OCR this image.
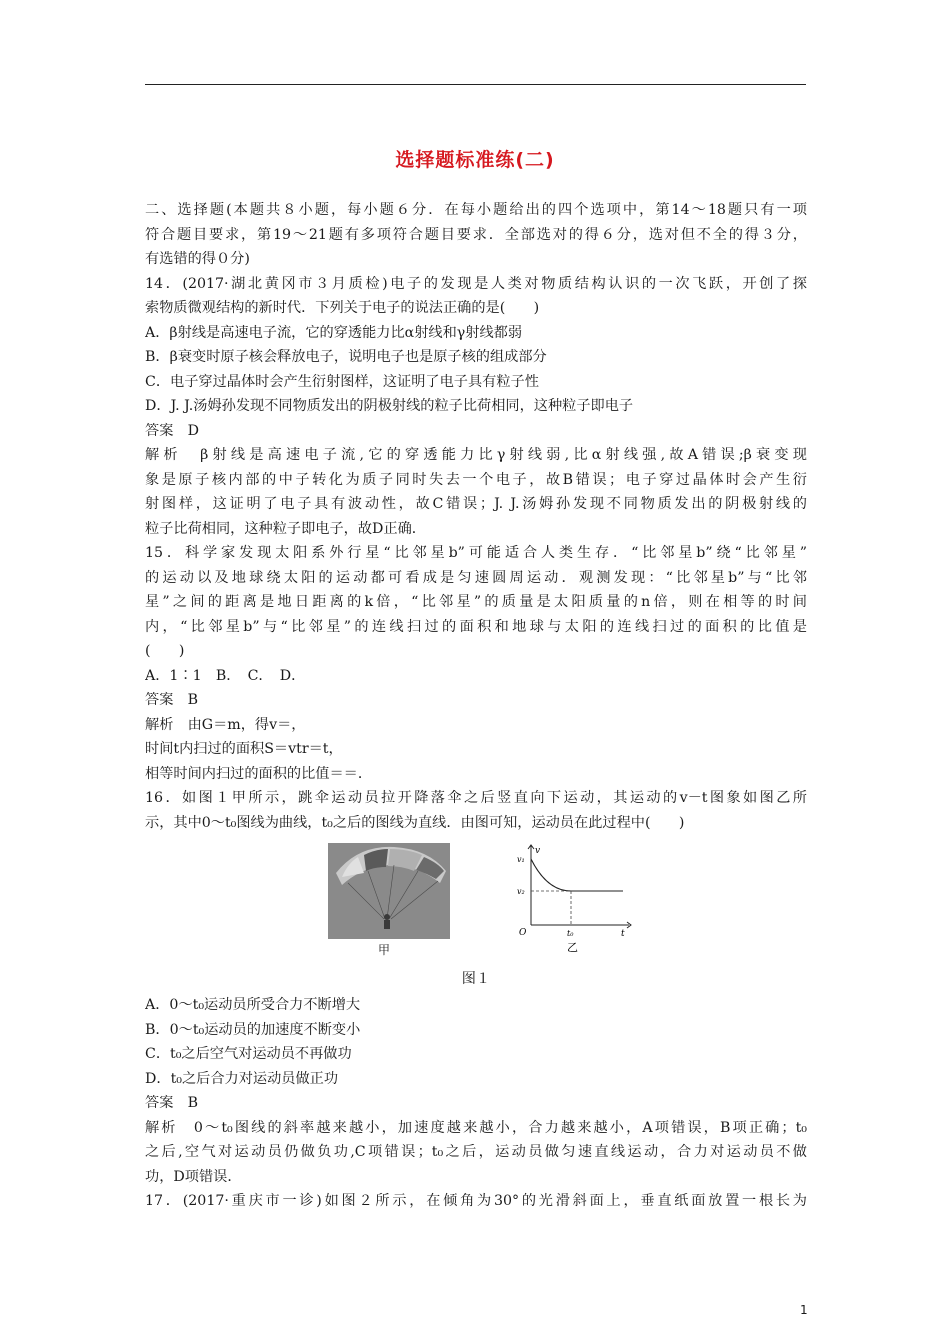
选择题标准练(二)
二、选择题(本题共８小题，每小题６分．在每小题给出的四个选项中，第14～18题只有一项
符合题目要求，第19～21题有多项符合题目要求．全部选对的得６分，选对但不全的得３分，
有选错的得０分)
14．(2017·湖北黄冈市３月质检)电子的发现是人类对物质结构认识的一次飞跃，开创了探
索物质微观结构的新时代．下列关于电子的说法正确的是(　　)
A．β射线是高速电子流，它的穿透能力比α射线和γ射线都弱
B．β衰变时原子核会释放电子，说明电子也是原子核的组成部分
C．电子穿过晶体时会产生衍射图样，这证明了电子具有粒子性
D．J. J.汤姆孙发现不同物质发出的阴极射线的粒子比荷相同，这种粒子即电子
答案　D
解析　β射线是高速电子流,它的穿透能力比γ射线弱,比α射线强,故A错误;β衰变现
象是原子核内部的中子转化为质子同时失去一个电子，故B错误；电子穿过晶体时会产生衍
射图样，这证明了电子具有波动性，故C错误；J. J.汤姆孙发现不同物质发出的阴极射线的
粒子比荷相同，这种粒子即电子，故D正确．
15．科学家发现太阳系外行星“比邻星b”可能适合人类生存．“比邻星b”绕“比邻星”
的运动以及地球绕太阳的运动都可看成是匀速圆周运动．观测发现：“比邻星b”与“比邻
星”之间的距离是地日距离的k倍，“比邻星”的质量是太阳质量的n倍，则在相等的时间
内，“比邻星b”与“比邻星”的连线扫过的面积和地球与太阳的连线扫过的面积的比值是
(　　)
A．1∶1　B．　C．　D．
答案　B
解析　由G＝m，得v＝，
时间t内扫过的面积S＝vtr＝t，
相等时间内扫过的面积的比值＝＝．
16．如图１甲所示，跳伞运动员拉开降落伞之后竖直向下运动，其运动的v－t图象如图乙所
示，其中0～t₀图线为曲线，t₀之后的图线为直线．由图可知，运动员在此过程中(　　)
甲
v
v₁
v₂
O	t₀	t
乙
图１
A．0～t₀运动员所受合力不断增大
B．0～t₀运动员的加速度不断变小
C．t₀之后空气对运动员不再做功
D．t₀之后合力对运动员做正功
答案　B
解析　0～t₀图线的斜率越来越小，加速度越来越小，合力越来越小，A项错误，B项正确；t₀
之后,空气对运动员仍做负功,C项错误；t₀之后，运动员做匀速直线运动，合力对运动员不做
功，D项错误．
17．(2017·重庆市一诊)如图２所示，在倾角为30°的光滑斜面上，垂直纸面放置一根长为
1
